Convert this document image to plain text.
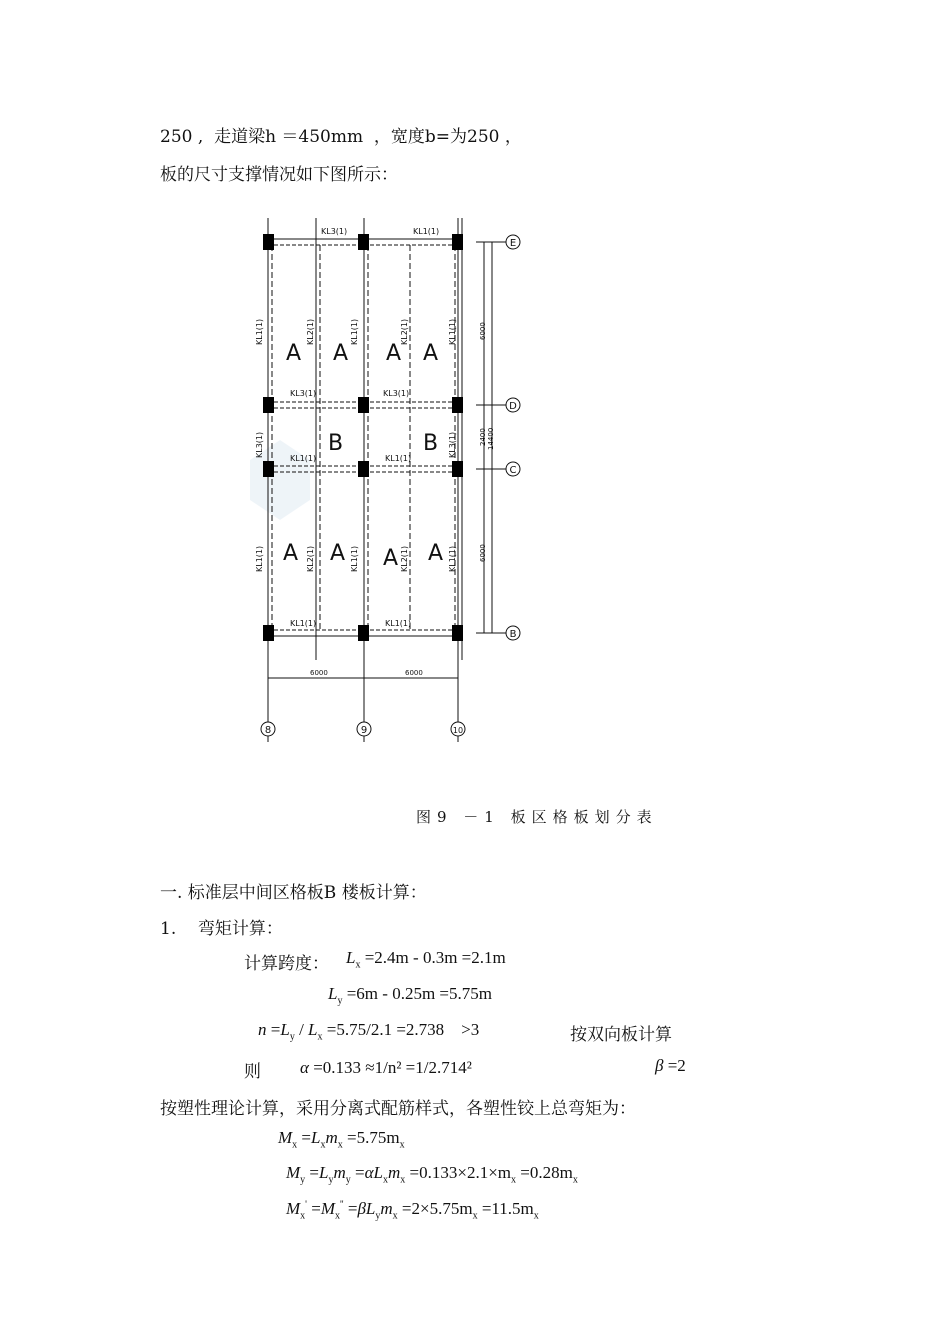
250 ,  走道梁h ＝450mm  ，宽度b=为250 ，
板的尺寸支撑情况如下图所示：
KL3(1)	KL1(1)
KL3(1)	KL3(1)
KL1(1)	KL1(1)
KL1(1)	KL1(1)
KL1(1)	KL2(1)	KL1(1)	KL2(1)	KL1(1)
KL3(1)	KL3(1)
KL1(1)	KL2(1)	KL1(1)	KL2(1)	KL1(1)
A A A A
B	B
A A A A
6000
2400 14400
6000
6000	6000
E
D
C
B
8	9	10
图9 －1 板区格板划分表
一. 标准层中间区格板B 楼板计算：
1.    弯矩计算：
计算跨度： $L_x =2.4m - 0.3m =2.1m$
$L_y =6m - 0.25m =5.75m$
$n =L_y / L_x =5.75/2.1 =2.738 >3$	按双向板计算
则 α =0.133 ≈1/n² =1/2.714²	β =2
按塑性理论计算，采用分离式配筋样式，各塑性铰上总弯矩为：
$M_x =L_xm_x =5.75m_x$
$M_y =L_ym_y =\alpha L_xm_x =0.133\times 2.1\times m_x =0.28m_x$
$M_x' =M_x'' =\beta L_ym_x =2\times 5.75m_x =11.5m_x$
